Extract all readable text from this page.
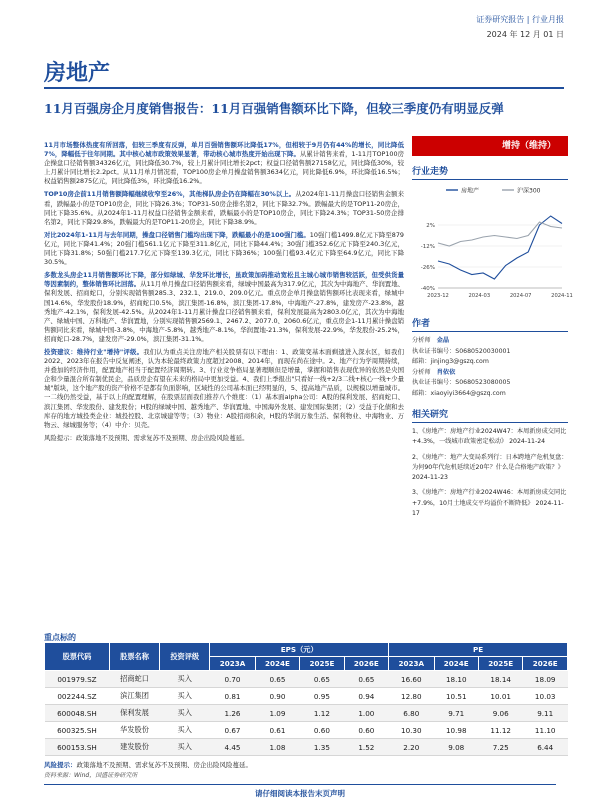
证券研究报告 | 行业月报
2024 年 12 月 01 日
房地产
11月百强房企月度销售报告：11月百强销售额环比下降，但较三季度仍有明显反弹

11月市场整体热度有所回落，但较三季度有反弹，单月百强销售额环比降低17%，但相较于9月仍有44%的增长，同比降低7%，降幅低于往年同期。其中核心城市政策效果显著，带动核心城市热度开始出现下降。从累计销售来看，1-11月TOP100房企操盘口径销售额34326亿元，同比降低30.7%，较上月累计同比增长2pct；权益口径销售额27158亿元，同比降低30%，较上月累计同比增长2.2pct。从11月单月情况看，TOP100房企单月操盘销售额3634亿元，同比降低6.9%，环比降低16.5%；权益销售额2875亿元，同比降低3%，环比降低16.2%。

TOP10房企前11月销售额降幅继续收窄至26%，其他梯队房企仍在降幅在30%以上。从2024年1-11月操盘口径销售金额来看，跌幅最小的是TOP10房企，同比下降26.3%；TOP31-50房企排名第2，同比下降32.7%。跌幅最大的是TOP11-20房企，同比下降35.6%。从2024年1-11月权益口径销售金额来看，跌幅最小的是TOP10房企，同比下降24.3%；TOP31-50房企排名第2，同比下降29.8%，跌幅最大的是TOP11-20房企，同比下降38.9%。

对比2024年1-11月与去年同期，操盘口径销售门槛均出现下降，跌幅最小的是100强门槛。10强门槛1499.8亿元下降至879亿元，同比下降41.4%；20强门槛561.1亿元下降至311.8亿元，同比下降44.4%；30强门槛352.6亿元下降至240.3亿元，同比下降31.8%；50强门槛217.7亿元下降至139.3亿元，同比下降36%；100强门槛93.4亿元下降至64.9亿元，同比下降30.5%。

多数龙头房企11月销售额环比下降，部分如绿城、华发环比增长，虽政策加码推动宽松且主城心城市销售较活跃，但受供货量等因素制约，整体销售环比回落。从11月单月操盘口径销售额来看，绿城中国最高为317.9亿元，其次为中海地产、华润置地、保利发展、招商蛇口，分别实现销售额285.3、232.1、219.0、209.0亿元。重点房企单月操盘销售额环比表现来看，绿城中国14.6%，华发股份18.9%，招商蛇口0.5%，滨江集团-16.8%，滨江集团-17.8%，中海地产-27.8%，建发房产-23.8%，越秀地产-42.1%，保利发展-42.5%。从2024年1-11月累计操盘口径销售额来看，保利发展最高为2803.0亿元，其次为中海地产、绿城中国、万科地产、华润置地，分别实现销售额2569.1、2467.2、2077.0、2060.6亿元，重点房企1-11月累计操盘销售额同比来看，绿城中国-3.8%，中海地产-5.8%，越秀地产-8.1%，华润置地-21.3%，保利发展-22.9%，华发股份-25.2%，招商蛇口-28.7%，建发房产-29.0%，滨江集团-31.1%。

投资建议：维持行业"增持"评级。我们认为重点关注房地产相关股票有以下理由：1、政策变基本面剩遗进入深水区，如我们2022、2023年在报告中反复阐述，认为本轮最终政策力度超过2008、2014年，而现在尚在途中。2、地产行为学周期持续，并叠加的经济作用，配置地产相当于配置经济周期转。3、行业竞争格局显著理顺但是增量，掌握和销售表现优异的依然是央国企和少量混合所有制优民企，品质房企有望在未来的格局中更加受益。4、我们上季报出"只看好一线+2/3二线+核心一线+少量城"版块，这个地产股的资产价格不是都有负面影响，区域性的公司基本面已经明显的，5、提高地产品质，以规模以增量城市。一二线仍然受益，基于以上的配置理解，在股票层面我们推荐八个维度：（1）基本面alpha公司：A股的保利发展、招商蛇口、滨江集团、华发股份、建发股份；H股的绿城中国、越秀地产、华润置地、中国海外发展、建发国际集团；（2）受益于化债和去库存的地方城投类企业：城投控股、北京城建等等；（3）物业：A股招商积余，H股的华润万象生活、保利物业、中海物业、万物云、绿城服务等；（4）中介：贝壳。

风险提示：政策落地不及预期、需求复苏不及预期、房企出险风险蔓延。

增持（维持）
行业走势
房地产	沪深300
2%
-12%
-26%
-40%
2023-12	2024-03	2024-07	2024-11
作者
分析师　 金晶
执业证书编号：S0680520030001
邮箱：jinjing3@gszq.com
分析师　 肖依依
执业证书编号：S0680523080005
邮箱：xiaoyiyi3664@gszq.com
相关研究
1、《房地产：房地产行业2024W47：本周新房成交同比+4.3%，一线城市政策密定松动》 2024-11-24
2、《房地产：地产大变局系列行：日本跨地产危机复盘：为何90年代危机延续近20年？什么是合格地产政策？》 2024-11-23
3、《房地产：房地产行业2024W46：本周新房成交同比+7.9%，10月土地成交平均溢价不断降低》 2024-11-17
重点标的
股票代码	股票名称	投资评级	EPS（元）				PE			
			2023A	2024E	2025E	2026E	2023A	2024E	2025E	2026E
001979.SZ	招商蛇口	买入	0.70	0.65	0.65	0.65	16.60	18.10	18.14	18.09
002244.SZ	滨江集团	买入	0.81	0.90	0.95	0.94	12.80	10.51	10.01	10.03
600048.SH	保利发展	买入	1.26	1.09	1.12	1.00	6.80	9.71	9.06	9.11
600325.SH	华发股份	买入	0.67	0.61	0.60	0.60	10.30	10.98	11.12	11.10
600153.SH	建发股份	买入	4.45	1.08	1.35	1.52	2.20	9.08	7.25	6.44
风险提示：政策落地不及预期、需求复苏不及预期、房企出险风险蔓延。
资料来源：Wind，国盛证券研究所
请仔细阅读本报告末页声明
